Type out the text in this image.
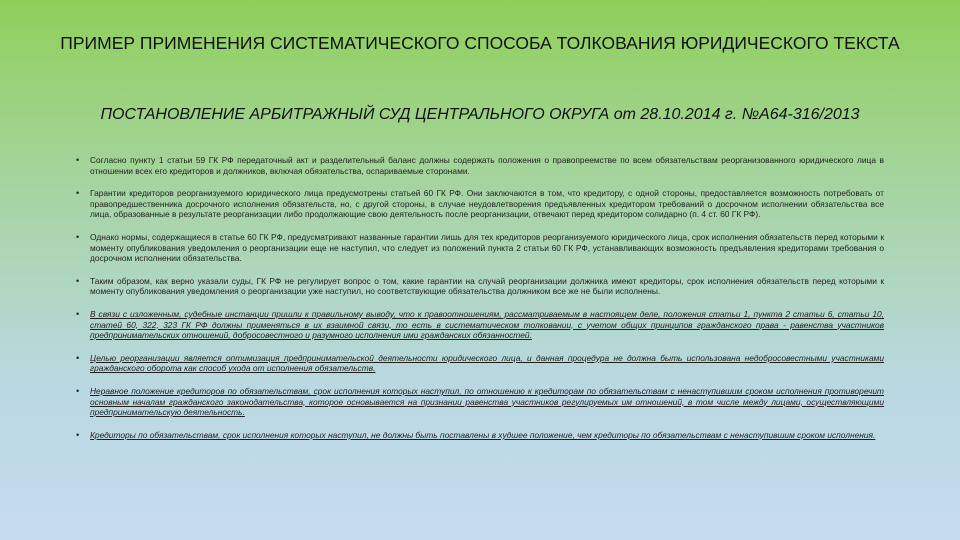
ПРИМЕР ПРИМЕНЕНИЯ СИСТЕМАТИЧЕСКОГО СПОСОБА ТОЛКОВАНИЯ ЮРИДИЧЕСКОГО ТЕКСТА
ПОСТАНОВЛЕНИЕ АРБИТРАЖНЫЙ СУД ЦЕНТРАЛЬНОГО ОКРУГА от 28.10.2014 г. №А64-316/2013
• Согласно пункту 1 статьи 59 ГК РФ передаточный акт и разделительный баланс должны содержать положения о правопреемстве по всем обязательствам реорганизованного юридического лица в отношении всех его кредиторов и должников, включая обязательства, оспариваемые сторонами.
• Гарантии кредиторов реорганизуемого юридического лица предусмотрены статьей 60 ГК РФ. Они заключаются в том, что кредитору, с одной стороны, предоставляется возможность потребовать от правопредшественника досрочного исполнения обязательств, но, с другой стороны, в случае неудовлетворения предъявленных кредитором требований о досрочном исполнении обязательства все лица, образованные в результате реорганизации либо продолжающие свою деятельность после реорганизации, отвечают перед кредитором солидарно (п. 4 ст. 60 ГК РФ).
• Однако нормы, содержащиеся в статье 60 ГК РФ, предусматривают названные гарантии лишь для тех кредиторов реорганизуемого юридического лица, срок исполнения обязательств перед которыми к моменту опубликования уведомления о реорганизации еще не наступил, что следует из положений пункта 2 статьи 60 ГК РФ, устанавливающих возможность предъявления кредиторами требования о досрочном исполнении обязательства.
• Таким образом, как верно указали суды, ГК РФ не регулирует вопрос о том, какие гарантии на случай реорганизации должника имеют кредиторы, срок исполнения обязательств перед которыми к моменту опубликования уведомления о реорганизации уже наступил, но соответствующие обязательства должником все же не были исполнены.
• В связи с изложенным, судебные инстанции пришли к правильному выводу, что к правоотношениям, рассматриваемым в настоящем деле, положения статьи 1, пункта 2 статьи 6, статьи 10, статей 60, 322, 323 ГК РФ должны применяться в их взаимной связи, то есть в систематическом толковании, с учетом общих принципов гражданского права - равенства участников предпринимательских отношений, добросовестного и разумного исполнения ими гражданских обязанностей.
• Целью реорганизации является оптимизация предпринимательской деятельности юридического лица, и данная процедура не должна быть использована недобросовестными участниками гражданского оборота как способ ухода от исполнения обязательств.
• Неравное положение кредиторов по обязательствам, срок исполнения которых наступил, по отношению к кредиторам по обязательствам с ненаступившим сроком исполнения противоречит основным началам гражданского законодательства, которое основывается на признании равенства участников регулируемых им отношений, в том числе между лицами, осуществляющими предпринимательскую деятельность.
• Кредиторы по обязательствам, срок исполнения которых наступил, не должны быть поставлены в худшее положение, чем кредиторы по обязательствам с ненаступившим сроком исполнения.
